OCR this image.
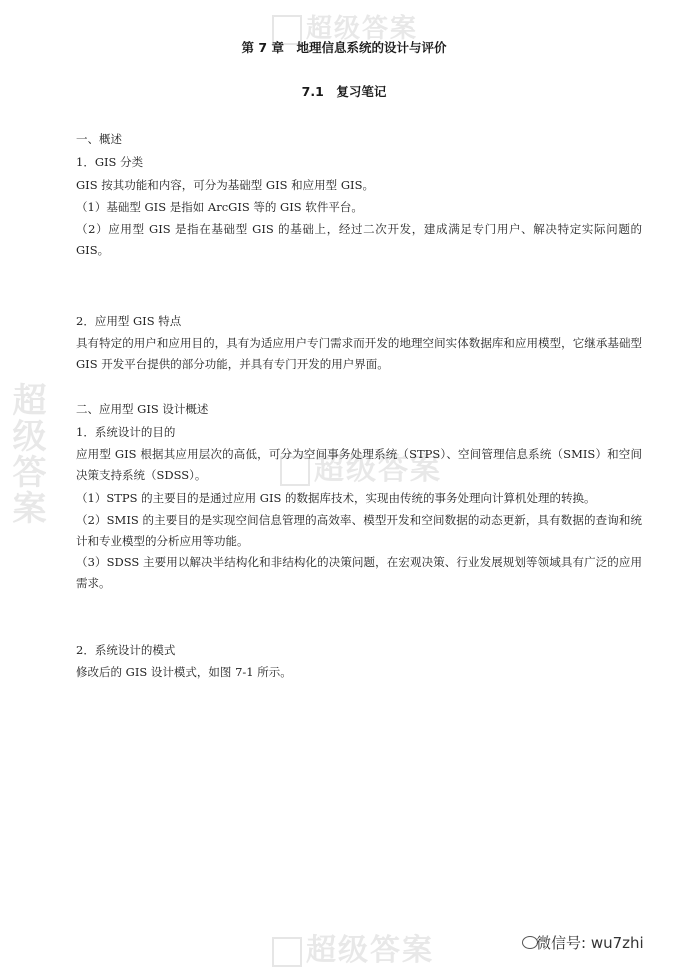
超级答案
超级答案
超级答案
超级答案
第 7 章　地理信息系统的设计与评价
7.1　复习笔记
一、概述
1．GIS 分类
GIS 按其功能和内容，可分为基础型 GIS 和应用型 GIS。
（1）基础型 GIS 是指如 ArcGIS 等的 GIS 软件平台。
（2）应用型 GIS 是指在基础型 GIS 的基础上，经过二次开发，建成满足专门用户、解决特定实际问题的 GIS。
2．应用型 GIS 特点
具有特定的用户和应用目的，具有为适应用户专门需求而开发的地理空间实体数据库和应用模型，它继承基础型 GIS 开发平台提供的部分功能，并具有专门开发的用户界面。
二、应用型 GIS 设计概述
1．系统设计的目的
应用型 GIS 根据其应用层次的高低，可分为空间事务处理系统（STPS）、空间管理信息系统（SMIS）和空间决策支持系统（SDSS）。
（1）STPS 的主要目的是通过应用 GIS 的数据库技术，实现由传统的事务处理向计算机处理的转换。
（2）SMIS 的主要目的是实现空间信息管理的高效率、模型开发和空间数据的动态更新，具有数据的查询和统计和专业模型的分析应用等功能。
（3）SDSS 主要用以解决半结构化和非结构化的决策问题，在宏观决策、行业发展规划等领域具有广泛的应用需求。
2．系统设计的模式
修改后的 GIS 设计模式，如图 7-1 所示。
微信号: wu7zhi
